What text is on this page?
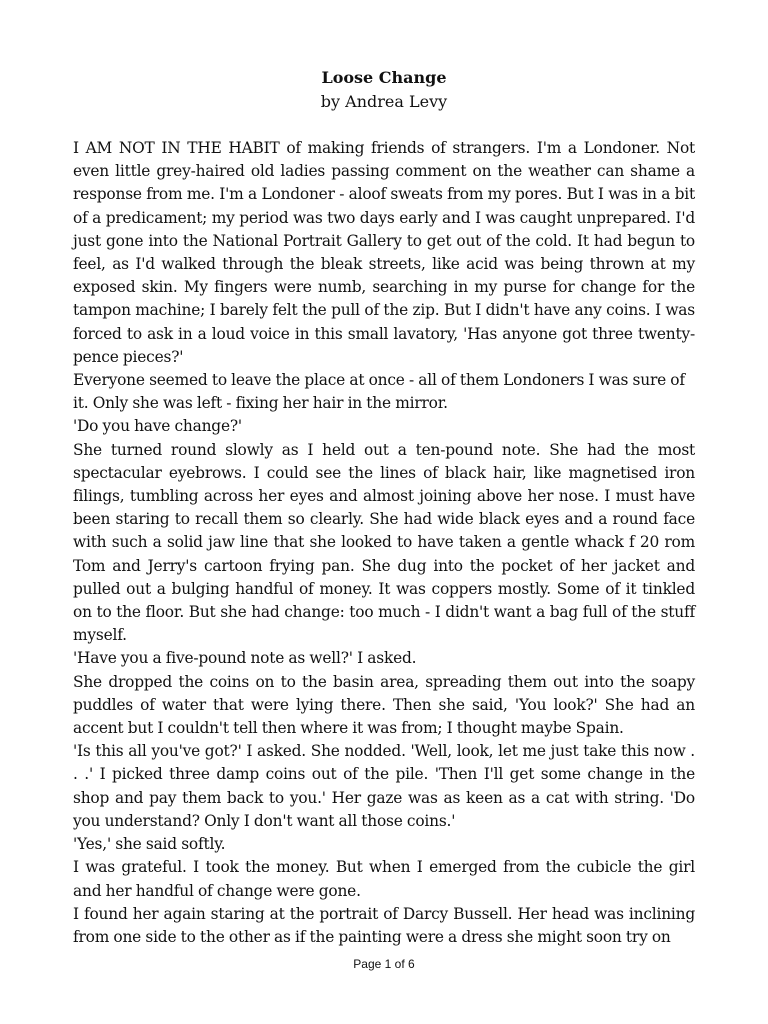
Loose Change
by Andrea Levy

I AM NOT IN THE HABIT of making friends of strangers. I'm a Londoner. Not even little grey-haired old ladies passing comment on the weather can shame a response from me. I'm a Londoner - aloof sweats from my pores. But I was in a bit of a predicament; my period was two days early and I was caught unprepared. I'd just gone into the National Portrait Gallery to get out of the cold. It had begun to feel, as I'd walked through the bleak streets, like acid was being thrown at my exposed skin. My fingers were numb, searching in my purse for change for the tampon machine; I barely felt the pull of the zip. But I didn't have any coins. I was forced to ask in a loud voice in this small lavatory, 'Has anyone got three twenty-pence pieces?'

Everyone seemed to leave the place at once - all of them Londoners I was sure of it. Only she was left - fixing her hair in the mirror.

'Do you have change?'

She turned round slowly as I held out a ten-pound note. She had the most spectacular eyebrows. I could see the lines of black hair, like magnetised iron filings, tumbling across her eyes and almost joining above her nose. I must have been staring to recall them so clearly. She had wide black eyes and a round face with such a solid jaw line that she looked to have taken a gentle whack f 20 rom Tom and Jerry's cartoon frying pan. She dug into the pocket of her jacket and pulled out a bulging handful of money. It was coppers mostly. Some of it tinkled on to the floor. But she had change: too much - I didn't want a bag full of the stuff myself.

'Have you a five-pound note as well?' I asked.

She dropped the coins on to the basin area, spreading them out into the soapy puddles of water that were lying there. Then she said, 'You look?' She had an accent but I couldn't tell then where it was from; I thought maybe Spain.

'Is this all you've got?' I asked. She nodded. 'Well, look, let me just take this now . . .' I picked three damp coins out of the pile. 'Then I'll get some change in the shop and pay them back to you.' Her gaze was as keen as a cat with string. 'Do you understand? Only I don't want all those coins.'

'Yes,' she said softly.

I was grateful. I took the money. But when I emerged from the cubicle the girl and her handful of change were gone.

I found her again staring at the portrait of Darcy Bussell. Her head was inclining from one side to the other as if the painting were a dress she might soon try on

Page 1 of 6
